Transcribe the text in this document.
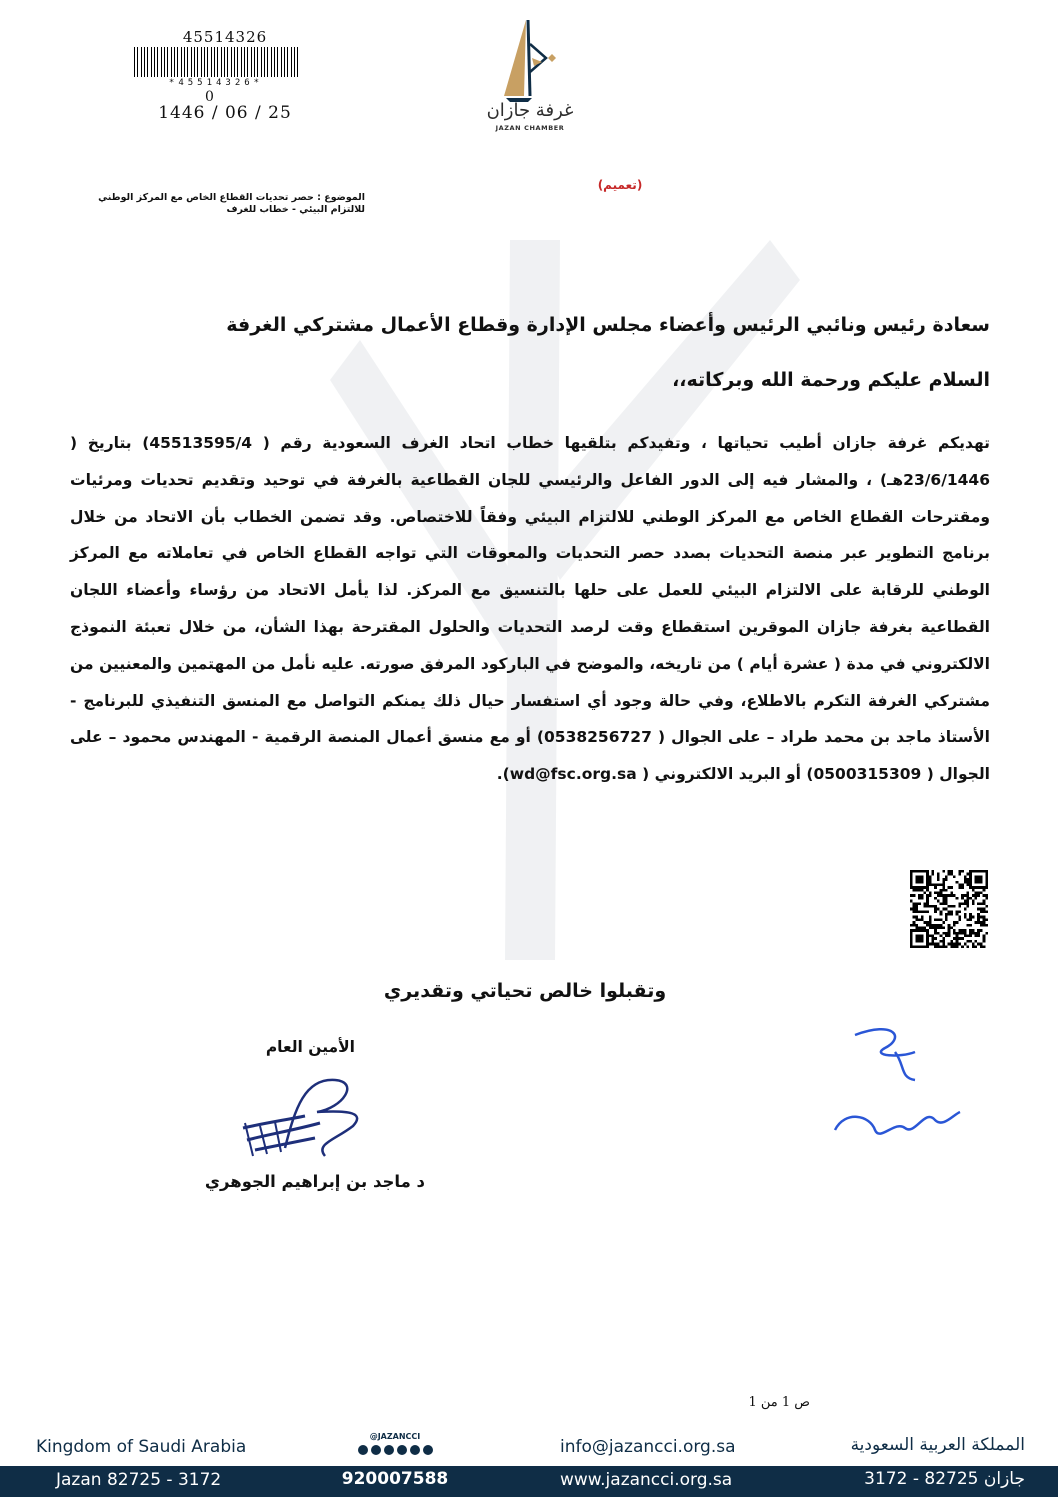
45514326
*45514326*
0
1446 / 06 / 25	غرفة جازان
JAZAN CHAMBER
(تعميم)
الموضوع : حصر تحديات القطاع الخاص مع المركز الوطني
للالتزام البيئي - خطاب للغرف
سعادة رئيس ونائبي الرئيس وأعضاء مجلس الإدارة وقطاع الأعمال مشتركي الغرفة
السلام عليكم ورحمة الله وبركاته،،
تهديكم غرفة جازان أطيب تحياتها ، وتفيدكم بتلقيها خطاب اتحاد الغرف السعودية رقم ( 45513595/4) بتاريخ ( 23/6/1446هـ) ، والمشار فيه إلى الدور الفاعل والرئيسي للجان القطاعية بالغرفة في توحيد وتقديم تحديات ومرئيات ومقترحات القطاع الخاص مع المركز الوطني للالتزام البيئي وفقاً للاختصاص. وقد تضمن الخطاب بأن الاتحاد من خلال برنامج التطوير عبر منصة التحديات بصدد حصر التحديات والمعوقات التي تواجه القطاع الخاص في تعاملاته مع المركز الوطني للرقابة على الالتزام البيئي للعمل على حلها بالتنسيق مع المركز. لذا يأمل الاتحاد من رؤساء وأعضاء اللجان القطاعية بغرفة جازان الموقرين استقطاع وقت لرصد التحديات والحلول المقترحة بهذا الشأن، من خلال تعبئة النموذج الالكتروني في مدة ( عشرة أيام ) من تاريخه، والموضح في الباركود المرفق صورته. عليه نأمل من المهتمين والمعنيين من مشتركي الغرفة التكرم بالاطلاع، وفي حالة وجود أي استفسار حيال ذلك يمنكم التواصل مع المنسق التنفيذي للبرنامج - الأستاذ ماجد بن محمد طراد – على الجوال ( 0538256727) أو مع منسق أعمال المنصة الرقمية - المهندس محمود – على الجوال ( 0500315309) أو البريد الالكتروني ( wd@fsc.org.sa).
وتقبلوا خالص تحياتي وتقديري
الأمين العام
د ماجد بن إبراهيم الجوهري
ص 1 من 1
Kingdom of Saudi Arabia
@JAZANCCI
info@jazancci.org.sa	المملكة العربية السعودية
Jazan 82725 - 3172	920007588	www.jazancci.org.sa	جازان 82725 - 3172
